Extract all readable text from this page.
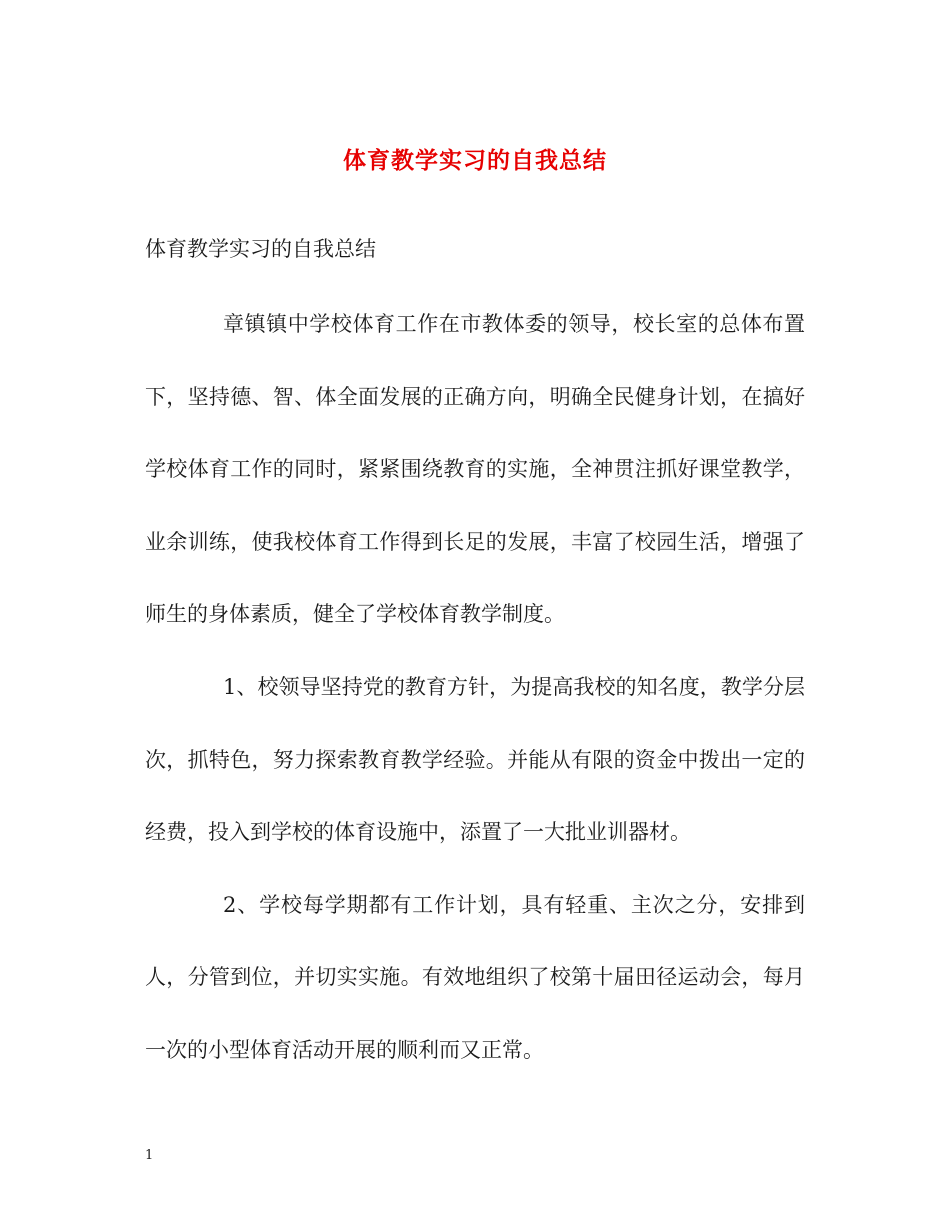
体育教学实习的自我总结
体育教学实习的自我总结

章镇镇中学校体育工作在市教体委的领导，校长室的总体布置下，坚持德、智、体全面发展的正确方向，明确全民健身计划，在搞好学校体育工作的同时，紧紧围绕教育的实施，全神贯注抓好课堂教学，业余训练，使我校体育工作得到长足的发展，丰富了校园生活，增强了师生的身体素质，健全了学校体育教学制度。

1、校领导坚持党的教育方针，为提高我校的知名度，教学分层次，抓特色，努力探索教育教学经验。并能从有限的资金中拨出一定的经费，投入到学校的体育设施中，添置了一大批业训器材。

2、学校每学期都有工作计划，具有轻重、主次之分，安排到人，分管到位，并切实实施。有效地组织了校第十届田径运动会，每月一次的小型体育活动开展的顺利而又正常。

1
